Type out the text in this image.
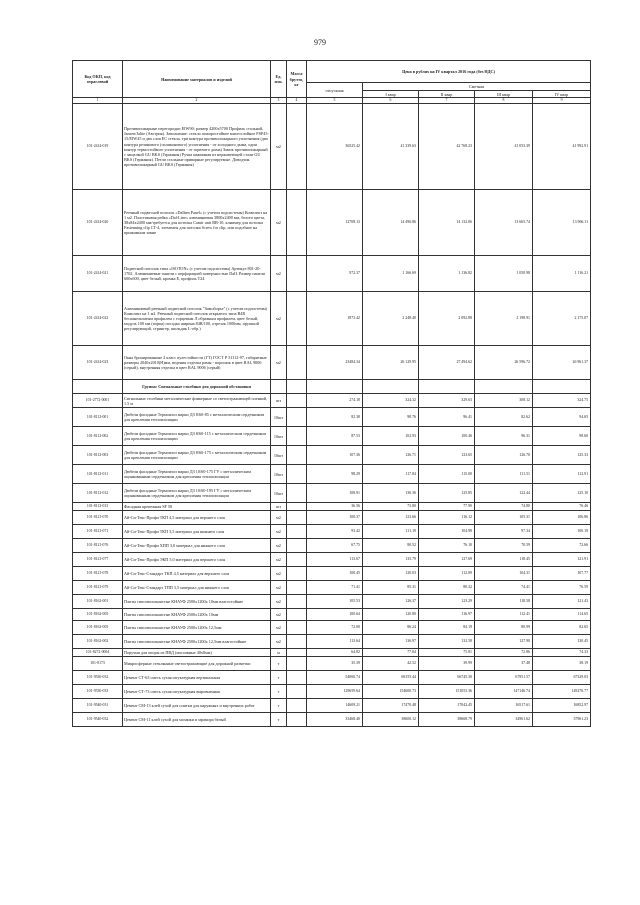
979
Код ОКП, код отраслевой	Наименование материалов и изделий	Ед. изм.	Масса брутто, кг	Цена в рублях на IV квартал 2016 года (без НДС)				
				отпускная	Сметная			
					I квар	II квар	III квар	IV квар
1	2	3	4	5	6	7	8	9
101-2414-019	Противопожарные перегородки EIW90: размер 4200х5700 Профиль стальной, Jansen/Jalite (Австрия). Заполнение: стекло пожаростойкое многослойное FSP45-15/EIW45 и два слоя ЕС стекла, три контура противопожарного уплотнения (два контура резинового (силиконового) уплотнения - от холодного дыма, один контур термостойкого уплотнения - от горючего дыма) Замок противопожарный с защелкой GU BKS (Германия) Ручка нажимная из нержавеющей стали GU BKS (Германия). Петли стальные приварные регулируемые. Доводчик противопожарный GU BKS (Германия)	м2		36525.42	41 339.63	42 768.23	41 053.39	41 992.91
101-2414-020	Реечный подвесной потолок «Dalben Panel» (с учетом подсистемы) Комплект на 1 м2. Пластиковая рейка «Dal-Line» алюминиевая 3800х2400 мм, белого цвета, 38х84х2400 мм/требуется для потолка Camir unit RB-10, кляммер для потолка Fastenning clip CT-4, элементы для потолка Screw for clip, или подобное на прижимном замке	м2		12708.13	14 496.86	14 132.06	13 665.74	13 966.11
101-2414-021	Подвесной потолок типа «ISOTON» (с учетом подсистемы) Артикул 801-20-1702. Алюминиевые панели с перфорацией поверхностью DaII. Размер панели 600х600, цвет белый, кромка Е, профиль Т24	м2		972.37	1 166.69	1 136.82	1 050.98	1 116.21
101-2414-022	Алюминиевый реечный подвесной потолок "Зимоборье" (с учетом подсистемы) Комплект на 1 м2. Реечный подвесной потолок открытого типа В4R беспанельчатым профилем с торцевым Л образным профилем, цвет белый, модуль 100 мм (порка) посадка ширина 84R/100, отрезок 1000мм, прушной регулирующий, стрингер, шильдик L-обр.)	м2		1873.42	2 248.40	2 092.88	2 198.91	2 175.07
101-2414-023	Окна бронированные 2 класс пулестойкости (ГТ) ГОСТ Р 51112-97, габаритные размеры 2040х2010(Н)мм, ведения отделка рамы - порошок в цвет RAL 9006 (серый), внутренняя отделка в цвет RAL 9006 (серый)	м2		23484.34	26 129.95	27 494.62	26 596.72	26 961.37
	Группа: Сигнальные столбики для дорожной обстановки							
101-2772-0001	Сигнальные столбики металлические фликерные со светоотражающей пленкой, 1.5 м	шт		274.18	324.32	329.63	308.12	324.75
101-8112-001	Дюбели фасадные Термоизол марки ДЗ 8/60-85 с металлическим сердечником для крепления теплоизоляции	10шт		82.38	98.76	96.41	82.62	94.65
101-8112-002	Дюбели фасадные Термоизол марки ДЗ 8/60-115 с металлическим сердечником для крепления теплоизоляции	10шт		87.53	102.93	100.46	96.31	98.60
101-8112-003	Дюбели фасадные Термоизол марки ДЗ 8/60-175 с металлическим сердечником для крепления теплоизоляции	10шт		107.36	126.71	123.65	126.70	125.33
101-8112-011	Дюбели фасадные Термоизол марки ДЗ 10/60-175 ГУ с металлическим оцинкованным сердечником для крепления теплоизоляции	10шт		98.29	117.84	115.00	111.51	112.91
101-8112-012	Дюбели фасадные Термоизол марки ДЗ 10/60-195 ГУ с металлическим оцинкованным сердечником для крепления теплоизоляции	10шт		108.91	130.36	125.85	122.44	125.10
101-8112-013	Фасадная крепежная SF 50	шт		36.56	73.80	77.90	74.80	76.46
101-8121-070	Ай-Си-Текс-Профи ТКП 4,5 материал для верхнего слоя	м2		100.37	123.66	116.12	105.31	106.86
101-8121-071	Ай-Си-Текс-Профи ТКП 3,5 материал для нижнего слоя	м2		93.42	111.19	104.98	97.34	100.19
101-8121-076	Ай-Си-Текс-Профи ХПП 3,0 материал для нижнего слоя	м2		67.75	80.52	76.10	70.59	72.66
101-8121-077	Ай-Си-Текс-Профи ЭКП 5,0 материал для верхнего слоя	м2		113.67	135.79	127.69	118.45	121.91
101-8121-078	Ай-Си-Текс-Стандарт ТКП 4,5 материал для верхнего слоя	м2		100.45	120.03	112.09	104.31	107.77
101-8121-079	Ай-Си-Текс-Стандарт ТПП 3,5 материал для нижнего слоя	м2		71.41	85.31	80.32	74.41	76.59
101-8162-001	Плиты гипсоволокнистые КНАУФ 2500х1200х 10мм влагостойкие	м2		105.53	126.37	123.29	118.58	121.43
101-8162-005	Плиты гипсоволокнистые КНАУФ 2500х1200х 10мм	м2		100.64	120.80	116.97	112.41	114.65
101-8162-005	Плиты гипсоволокнистые КНАУФ 2500х1200х 12,5мм	м2		72.00	86.24	84.19	80.99	82.65
101-8162-002	Плиты гипсоволокнистые КНАУФ 2500х1200х 12,5мм влагостойкие	м2		113.64	136.97	132.58	127.90	130.45
101-8272-0004	Поручни для опоры из ПВД (массивные 40х8мм)	м		64.82	77.04	75.81	72.86	74.33
101-8173	Микросферные стеклянные светоотражающие для дорожной разметки	т		35.39	42.52	39.99	37.48	38.19
101-9530-032	Цемент СТ-63 смесь сухая штукатурная вертикальная	т		54060.74	68155.44	66745.30	67951.57	67329.03
101-9530-033	Цемент СТ-73 смесь сухая штукатурная выровненная	т		129659.64	154600.73	151053.36	147146.74	149276.77
101-9540-031	Цемент СМ-13 клей сухой для плитки для наружных и внутренних работ	т		14609.21	17470.48	17042.45	16517.61	16852.97
101-9540-032	Цемент СМ-11 клей сухой для мозаики и мрамора белый	т		33468.40	38600.12	38668.79	34961.62	37961.23
